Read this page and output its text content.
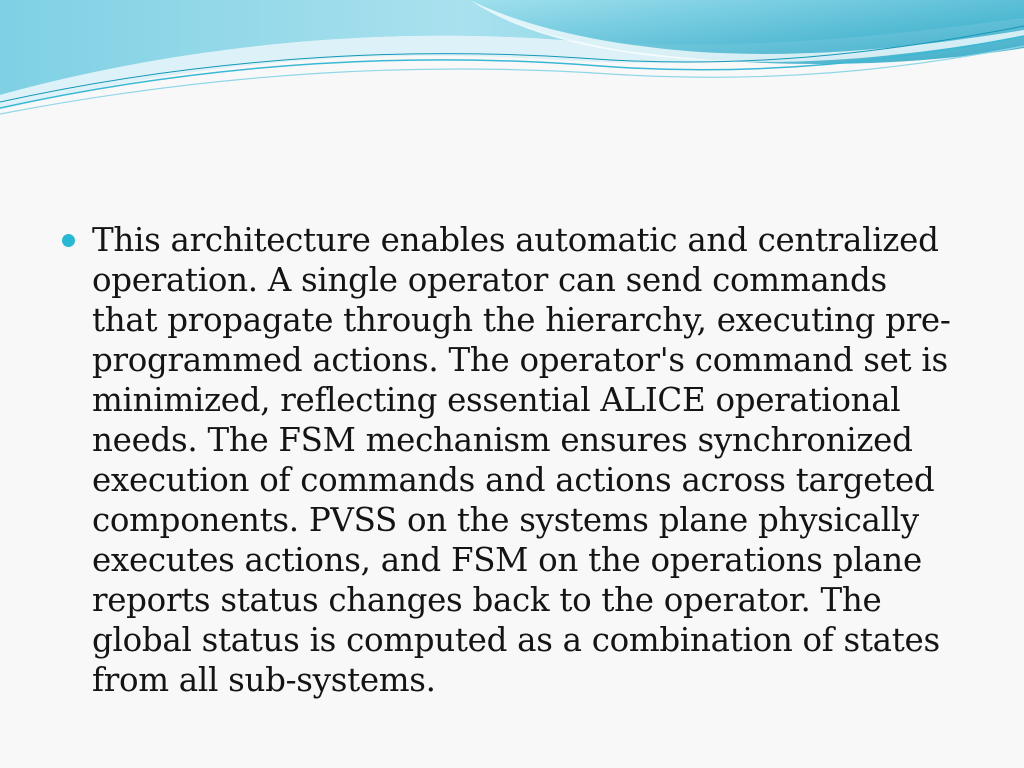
This architecture enables automatic and centralized operation. A single operator can send commands that propagate through the hierarchy, executing pre-programmed actions. The operator's command set is minimized, reflecting essential ALICE operational needs. The FSM mechanism ensures synchronized execution of commands and actions across targeted components. PVSS on the systems plane physically executes actions, and FSM on the operations plane reports status changes back to the operator. The global status is computed as a combination of states from all sub-systems.
